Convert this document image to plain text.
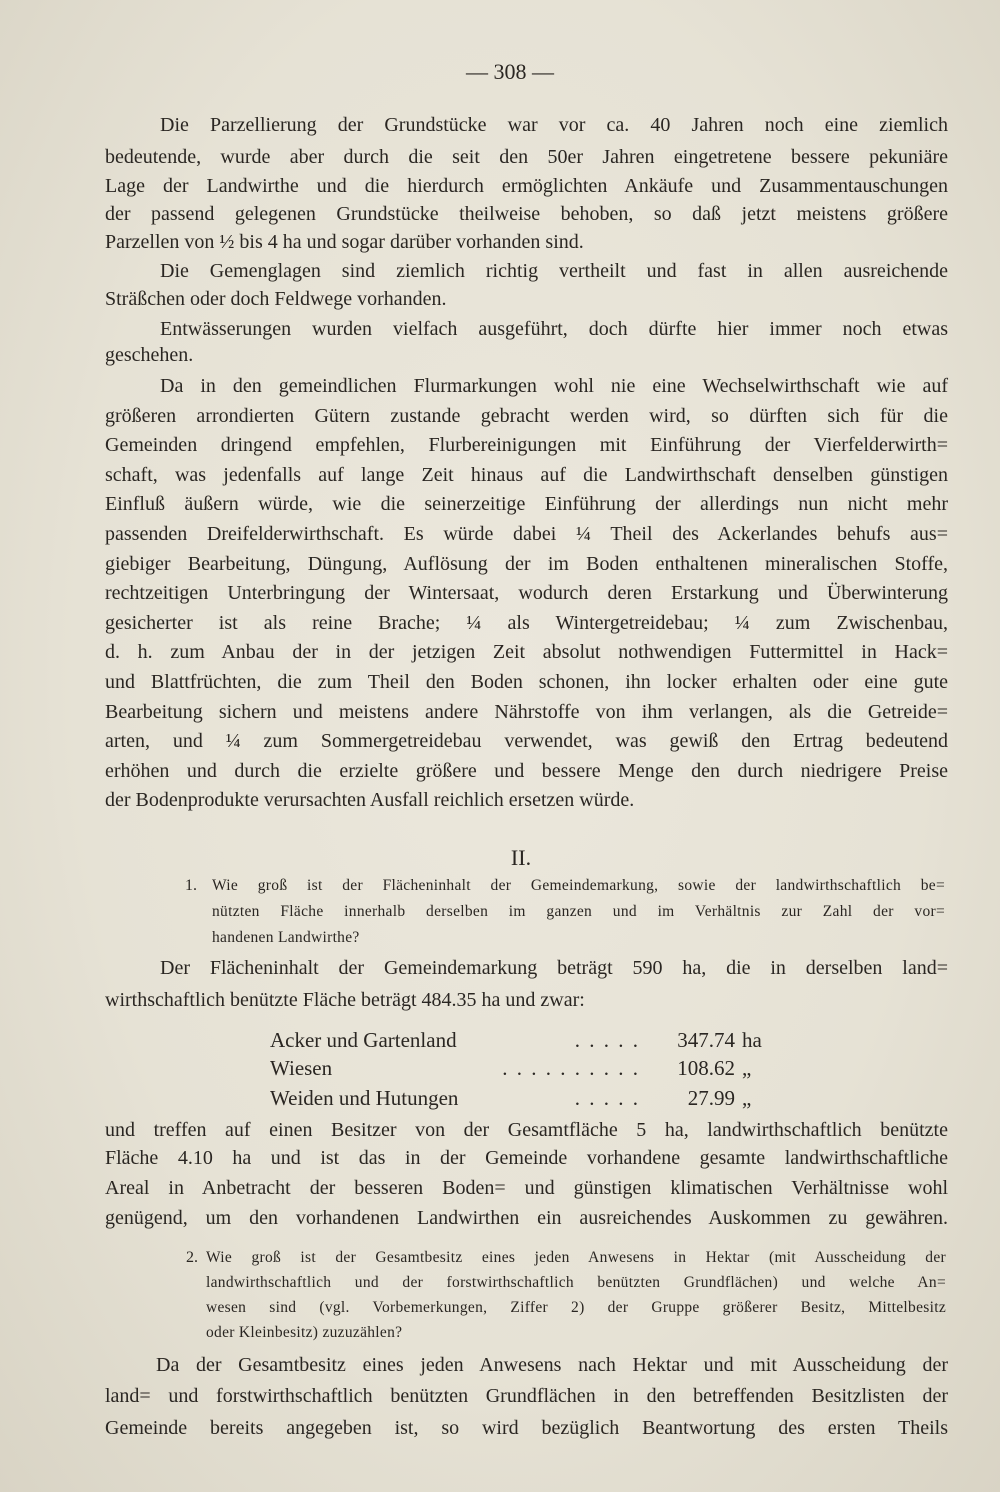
— 308 —
Die Parzellierung der Grundstücke war vor ca. 40 Jahren noch eine ziemlich
bedeutende, wurde aber durch die seit den 50er Jahren eingetretene bessere pekuniäre
Lage der Landwirthe und die hierdurch ermöglichten Ankäufe und Zusammentauschungen
der passend gelegenen Grundstücke theilweise behoben, so daß jetzt meistens größere
Parzellen von ½ bis 4 ha und sogar darüber vorhanden sind.
Die Gemenglagen sind ziemlich richtig vertheilt und fast in allen ausreichende
Sträßchen oder doch Feldwege vorhanden.
Entwässerungen wurden vielfach ausgeführt, doch dürfte hier immer noch etwas
geschehen.
Da in den gemeindlichen Flurmarkungen wohl nie eine Wechselwirthschaft wie auf
größeren arrondierten Gütern zustande gebracht werden wird, so dürften sich für die
Gemeinden dringend empfehlen, Flurbereinigungen mit Einführung der Vierfelderwirth=
schaft, was jedenfalls auf lange Zeit hinaus auf die Landwirthschaft denselben günstigen
Einfluß äußern würde, wie die seinerzeitige Einführung der allerdings nun nicht mehr
passenden Dreifelderwirthschaft. Es würde dabei ¼ Theil des Ackerlandes behufs aus=
giebiger Bearbeitung, Düngung, Auflösung der im Boden enthaltenen mineralischen Stoffe,
rechtzeitigen Unterbringung der Wintersaat, wodurch deren Erstarkung und Überwinterung
gesicherter ist als reine Brache; ¼ als Wintergetreidebau; ¼ zum Zwischenbau,
d. h. zum Anbau der in der jetzigen Zeit absolut nothwendigen Futtermittel in Hack=
und Blattfrüchten, die zum Theil den Boden schonen, ihn locker erhalten oder eine gute
Bearbeitung sichern und meistens andere Nährstoffe von ihm verlangen, als die Getreide=
arten, und ¼ zum Sommergetreidebau verwendet, was gewiß den Ertrag bedeutend
erhöhen und durch die erzielte größere und bessere Menge den durch niedrigere Preise
der Bodenprodukte verursachten Ausfall reichlich ersetzen würde.
II.
1. Wie groß ist der Flächeninhalt der Gemeindemarkung, sowie der landwirthschaftlich be=
nützten Fläche innerhalb derselben im ganzen und im Verhältnis zur Zahl der vor=
handenen Landwirthe?
Der Flächeninhalt der Gemeindemarkung beträgt 590 ha, die in derselben land=
wirthschaftlich benützte Fläche beträgt 484.35 ha und zwar:
Acker und Gartenland	. . . . .	347.74 ha
Wiesen	. . . . . . . . . .	108.62 „
Weiden und Hutungen	. . . . .	27.99 „
und treffen auf einen Besitzer von der Gesamtfläche 5 ha, landwirthschaftlich benützte
Fläche 4.10 ha und ist das in der Gemeinde vorhandene gesamte landwirthschaftliche
Areal in Anbetracht der besseren Boden= und günstigen klimatischen Verhältnisse wohl
genügend, um den vorhandenen Landwirthen ein ausreichendes Auskommen zu gewähren.
2. Wie groß ist der Gesamtbesitz eines jeden Anwesens in Hektar (mit Ausscheidung der
landwirthschaftlich und der forstwirthschaftlich benützten Grundflächen) und welche An=
wesen sind (vgl. Vorbemerkungen, Ziffer 2) der Gruppe größerer Besitz, Mittelbesitz
oder Kleinbesitz) zuzuzählen?
Da der Gesamtbesitz eines jeden Anwesens nach Hektar und mit Ausscheidung der
land= und forstwirthschaftlich benützten Grundflächen in den betreffenden Besitzlisten der
Gemeinde bereits angegeben ist, so wird bezüglich Beantwortung des ersten Theils
